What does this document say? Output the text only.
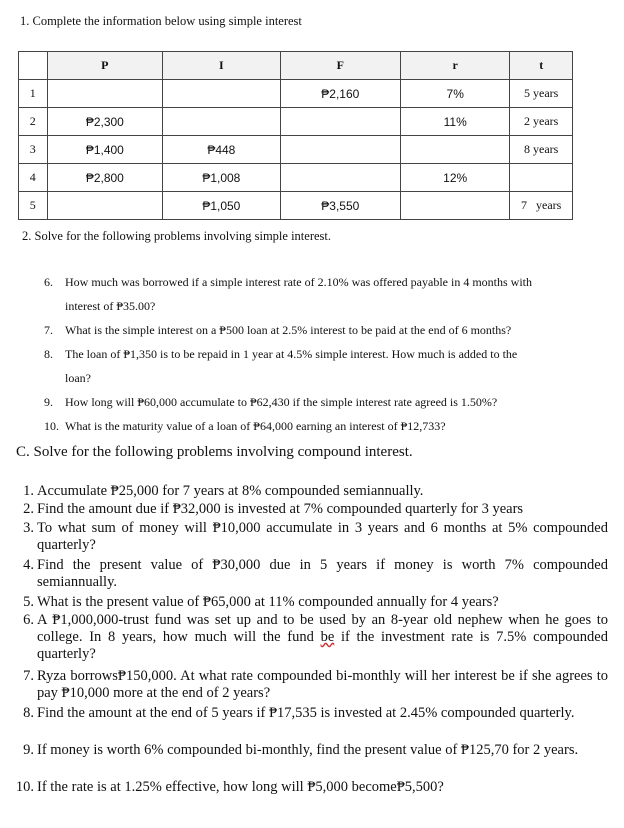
1. Complete the information below using simple interest
	P	I	F	r	t
1			₱2,160	7%	5 years
2	₱2,300			11%	2 years
3	₱1,400	₱448			8 years
4	₱2,800	₱1,008		12%	
5		₱1,050	₱3,550		7   years
2. Solve for the following problems involving simple interest.
6. How much was borrowed if a simple interest rate of 2.10% was offered payable in 4 months with
interest of ₱35.00?
7. What is the simple interest on a ₱500 loan at 2.5% interest to be paid at the end of 6 months?
8. The loan of ₱1,350 is to be repaid in 1 year at 4.5% simple interest. How much is added to the
loan?
9. How long will ₱60,000 accumulate to ₱62,430 if the simple interest rate agreed is 1.50%?
10. What is the maturity value of a loan of ₱64,000 earning an interest of ₱12,733?
C. Solve for the following problems involving compound interest.
1. Accumulate ₱25,000 for 7 years at 8% compounded semiannually.
2. Find the amount due if ₱32,000 is invested at 7% compounded quarterly for 3 years
3. To what sum of money will ₱10,000 accumulate in 3 years and 6 months at 5% compounded quarterly?
4. Find the present value of ₱30,000 due in 5 years if money is worth 7% compounded semiannually.
5. What is the present value of ₱65,000 at 11% compounded annually for 4 years?
6. A ₱1,000,000-trust fund was set up and to be used by an 8-year old nephew when he goes to college. In 8 years, how much will the fund be if the investment rate is 7.5% compounded quarterly?
7. Ryza borrows₱150,000. At what rate compounded bi-monthly will her interest be if she agrees to pay ₱10,000 more at the end of 2 years?
8. Find the amount at the end of 5 years if ₱17,535 is invested at 2.45% compounded quarterly.
9. If money is worth 6% compounded bi-monthly, find the present value of ₱125,70 for 2 years.
10. If the rate is at 1.25% effective, how long will ₱5,000 become₱5,500?
